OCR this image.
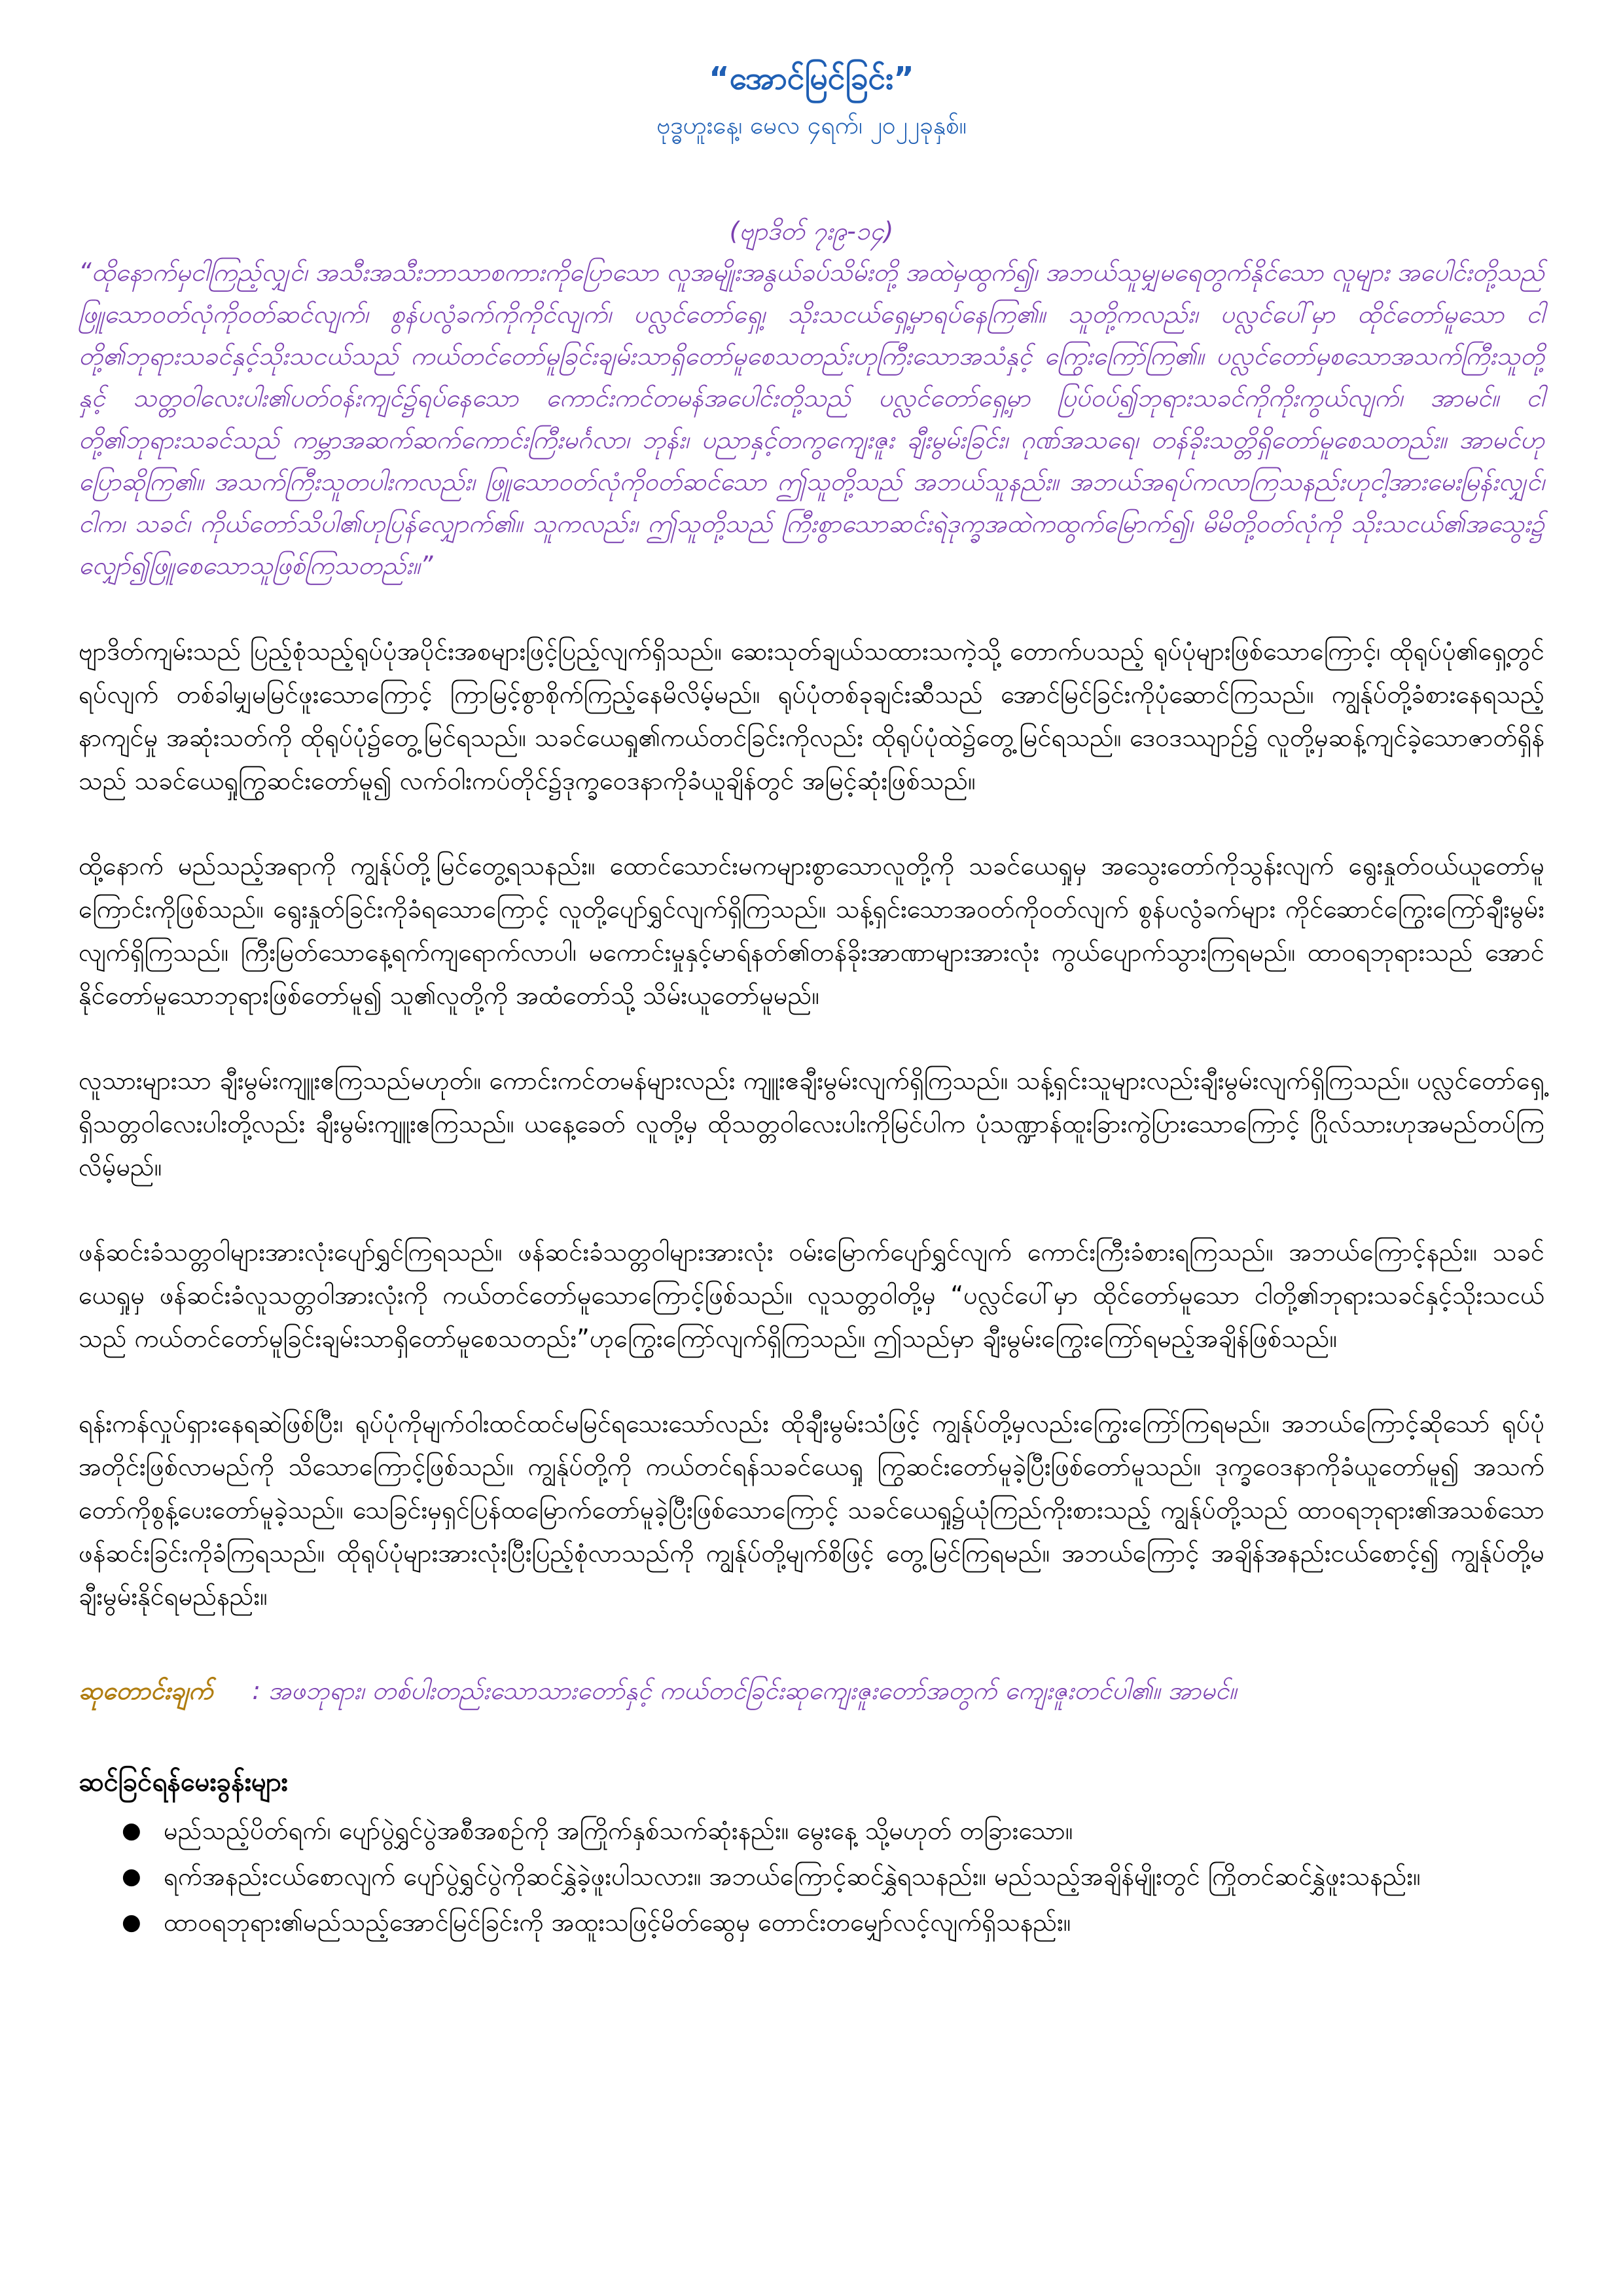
“အောင်မြင်ခြင်း”

ဗုဒ္ဓဟူးနေ့၊ မေလ ၄ရက်၊ ၂၀၂၂ခုနှစ်။

(ဗျာဒိတ် ၇း၉-၁၄)

“ထိုနောက်မှငါကြည့်လျှင်၊ အသီးအသီးဘာသာစကားကိုပြောသော လူအမျိုးအနွယ်ခပ်သိမ်းတို့ အထဲမှထွက်၍၊ အဘယ်သူမျှမရေတွက်နိုင်သော လူများ အပေါင်းတို့သည်ဖြူသောဝတ်လုံကိုဝတ်ဆင်လျက်၊ စွန်ပလွံခက်ကိုကိုင်လျက်၊ ပလ္လင်တော်ရှေ့၊ သိုးသငယ်ရှေ့မှာရပ်နေကြ၏။ သူတို့ကလည်း၊ ပလ္လင်ပေါ်မှာ ထိုင်တော်မူသော ငါတို့၏ဘုရားသခင်နှင့်သိုးသငယ်သည် ကယ်တင်တော်မူခြင်းချမ်းသာရှိတော်မူစေသတည်းဟုကြီးသောအသံနှင့် ကြွေးကြော်ကြ၏။ ပလ္လင်တော်မှစသောအသက်ကြီးသူတို့နှင့် သတ္တဝါလေးပါး၏ပတ်ဝန်းကျင်၌ရပ်နေသော ကောင်းကင်တမန်အပေါင်းတို့သည် ပလ္လင်တော်ရှေ့မှာ ပြပ်ဝပ်၍ဘုရားသခင်ကိုကိုးကွယ်လျက်၊ အာမင်။ ငါတို့၏ဘုရားသခင်သည် ကမ္ဘာအဆက်ဆက်ကောင်းကြီးမင်္ဂလာ၊ ဘုန်း၊ ပညာနှင့်တကွကျေးဇူး ချီးမွမ်းခြင်း၊ ဂုဏ်အသရေ၊ တန်ခိုးသတ္တိရှိတော်မူစေသတည်း။ အာမင်ဟုပြောဆိုကြ၏။ အသက်ကြီးသူတပါးကလည်း၊ ဖြူသောဝတ်လုံကိုဝတ်ဆင်သော ဤသူတို့သည် အဘယ်သူနည်း။ အဘယ်အရပ်ကလာကြသနည်းဟုငါ့အားမေးမြန်းလျှင်၊ ငါက၊ သခင်၊ ကိုယ်တော်သိပါ၏ဟုပြန်လျှောက်၏။ သူကလည်း၊ ဤသူတို့သည် ကြီးစွာသောဆင်းရဲဒုက္ခအထဲကထွက်မြောက်၍၊ မိမိတို့ဝတ်လုံကို သိုးသငယ်၏အသွေး၌ လျှော်၍ဖြူစေသောသူဖြစ်ကြသတည်း။”

ဗျာဒိတ်ကျမ်းသည် ပြည့်စုံသည့်ရုပ်ပုံအပိုင်းအစများဖြင့်ပြည့်လျက်ရှိသည်။ ဆေးသုတ်ချယ်သထားသကဲ့သို့ တောက်ပသည့် ရုပ်ပုံများဖြစ်သောကြောင့်၊ ထိုရုပ်ပုံ၏ရှေ့တွင်ရပ်လျက် တစ်ခါမျှမမြင်ဖူးသောကြောင့် ကြာမြင့်စွာစိုက်ကြည့်နေမိလိမ့်မည်။ ရုပ်ပုံတစ်ခုချင်းဆီသည် အောင်မြင်ခြင်းကိုပုံဆောင်ကြသည်။ ကျွန်ုပ်တို့ခံစားနေရသည့်နာကျင်မှု အဆုံးသတ်ကို ထိုရုပ်ပုံ၌တွေ့မြင်ရသည်။ သခင်ယေရှု၏ကယ်တင်ခြင်းကိုလည်း ထိုရုပ်ပုံထဲ၌တွေ့မြင်ရသည်။ ဒေဝဒဿျာဉ်၌ လူတို့မှဆန့်ကျင်ခဲ့သောဇာတ်ရှိန်သည် သခင်ယေရှုကြွဆင်းတော်မူ၍ လက်ဝါးကပ်တိုင်၌ဒုက္ခဝေဒနာကိုခံယူချိန်တွင် အမြင့်ဆုံးဖြစ်သည်။

ထို့နောက် မည်သည့်အရာကို ကျွန်ုပ်တို့မြင်တွေ့ရသနည်း။ ထောင်သောင်းမကများစွာသောလူတို့ကို သခင်ယေရှုမှ အသွေးတော်ကိုသွန်းလျက် ရွေးနှုတ်ဝယ်ယူတော်မူကြောင်းကိုဖြစ်သည်။ ရွေးနှုတ်ခြင်းကိုခံရသောကြောင့် လူတို့ပျော်ရွှင်လျက်ရှိကြသည်။ သန့်ရှင်းသောအဝတ်ကိုဝတ်လျက် စွန်ပလွံခက်များ ကိုင်ဆောင်ကြွေးကြော်ချီးမွမ်းလျက်ရှိကြသည်။ ကြီးမြတ်သောနေ့ရက်ကျရောက်လာပါ၊ မကောင်းမှုနှင့်မာရ်နတ်၏တန်ခိုးအာဏာများအားလုံး ကွယ်ပျောက်သွားကြရမည်။ ထာဝရဘုရားသည် အောင်နိုင်တော်မူသောဘုရားဖြစ်တော်မူ၍ သူ၏လူတို့ကို အထံတော်သို့ သိမ်းယူတော်မူမည်။

လူသားများသာ ချီးမွမ်းကျူးဧကြသည်မဟုတ်။ ကောင်းကင်တမန်များလည်း ကျူးဧချီးမွမ်းလျက်ရှိကြသည်။ သန့်ရှင်းသူများလည်းချီးမွမ်းလျက်ရှိကြသည်။ ပလ္လင်တော်ရှေ့ရှိသတ္တဝါလေးပါးတို့လည်း ချီးမွမ်းကျူးဧကြသည်။ ယနေ့ခေတ် လူတို့မှ ထိုသတ္တဝါလေးပါးကိုမြင်ပါက ပုံသဏ္ဍာန်ထူးခြားကွဲပြားသောကြောင့် ဂြိုလ်သားဟုအမည်တပ်ကြလိမ့်မည်။

ဖန်ဆင်းခံသတ္တဝါများအားလုံးပျော်ရွှင်ကြရသည်။ ဖန်ဆင်းခံသတ္တဝါများအားလုံး ဝမ်းမြောက်ပျော်ရွှင်လျက် ကောင်းကြီးခံစားရကြသည်။ အဘယ်ကြောင့်နည်း။ သခင်ယေရှုမှ ဖန်ဆင်းခံလူသတ္တဝါအားလုံးကို ကယ်တင်တော်မူသောကြောင့်ဖြစ်သည်။ လူသတ္တဝါတို့မှ “ပလ္လင်ပေါ်မှာ ထိုင်တော်မူသော ငါတို့၏ဘုရားသခင်နှင့်သိုးသငယ်သည် ကယ်တင်တော်မူခြင်းချမ်းသာရှိတော်မူစေသတည်း”ဟုကြွေးကြော်လျက်ရှိကြသည်။ ဤသည်မှာ ချီးမွမ်းကြွေးကြော်ရမည့်အချိန်ဖြစ်သည်။

ရန်းကန်လှုပ်ရှားနေရဆဲဖြစ်ပြီး၊ ရုပ်ပုံကိုမျက်ဝါးထင်ထင်မမြင်ရသေးသော်လည်း ထိုချီးမွမ်းသံဖြင့် ကျွန်ုပ်တို့မှလည်းကြွေးကြော်ကြရမည်။ အဘယ်ကြောင့်ဆိုသော် ရုပ်ပုံအတိုင်းဖြစ်လာမည်ကို သိသောကြောင့်ဖြစ်သည်။ ကျွန်ုပ်တို့ကို ကယ်တင်ရန်သခင်ယေရှု ကြွဆင်းတော်မူခဲ့ပြီးဖြစ်တော်မူသည်။ ဒုက္ခဝေဒနာကိုခံယူတော်မူ၍ အသက်တော်ကိုစွန့်ပေးတော်မူခဲ့သည်။ သေခြင်းမှရှင်ပြန်ထမြောက်တော်မူခဲ့ပြီးဖြစ်သောကြောင့် သခင်ယေရှု၌ယုံကြည်ကိုးစားသည့် ကျွန်ုပ်တို့သည် ထာဝရဘုရား၏အသစ်သော ဖန်ဆင်းခြင်းကိုခံကြရသည်။ ထိုရုပ်ပုံများအားလုံးပြီးပြည့်စုံလာသည်ကို ကျွန်ုပ်တို့မျက်စိဖြင့် တွေ့မြင်ကြရမည်။ အဘယ်ကြောင့် အချိန်အနည်းငယ်စောင့်၍ ကျွန်ုပ်တို့မချီးမွမ်းနိုင်ရမည်နည်း။

ဆုတောင်းချက် : အဖဘုရား၊ တစ်ပါးတည်းသောသားတော်နှင့် ကယ်တင်ခြင်းဆုကျေးဇူးတော်အတွက် ကျေးဇူးတင်ပါ၏။ အာမင်။
ဆင်ခြင်ရန်မေးခွန်းများ
● မည်သည့်ပိတ်ရက်၊ ပျော်ပွဲရွှင်ပွဲအစီအစဉ်ကို အကြိုက်နှစ်သက်ဆုံးနည်း။ မွေးနေ့ သို့မဟုတ် တခြားသော။
● ရက်အနည်းငယ်စောလျက် ပျော်ပွဲရွှင်ပွဲကိုဆင်နွှဲခဲ့ဖူးပါသလား။ အဘယ်ကြောင့်ဆင်နွှဲရသနည်း။ မည်သည့်အချိန်မျိုးတွင် ကြိုတင်ဆင်နွှဲဖူးသနည်း။
● ထာဝရဘုရား၏မည်သည့်အောင်မြင်ခြင်းကို အထူးသဖြင့်မိတ်ဆွေမှ တောင်းတမျှော်လင့်လျက်ရှိသနည်း။
